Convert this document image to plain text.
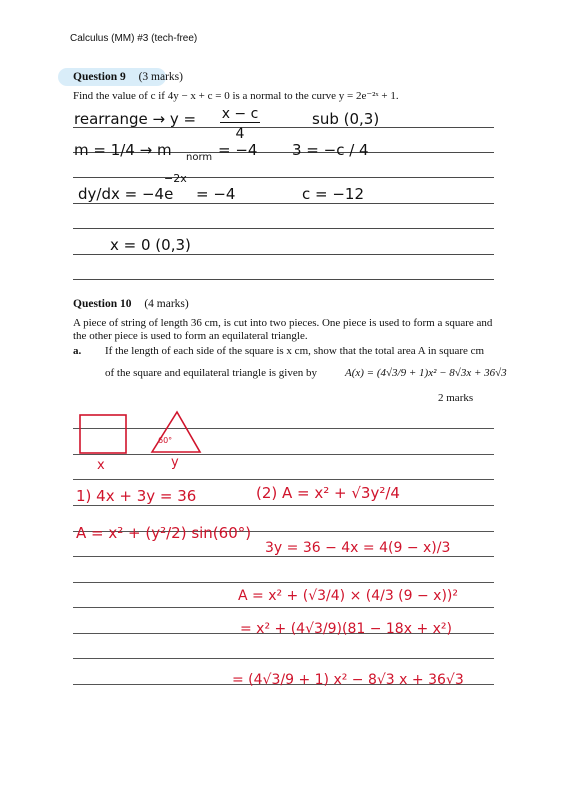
Calculus (MM) #3 (tech-free)
Question 9 (3 marks)
Find the value of c if 4y − x + c = 0 is a normal to the curve y = 2e⁻²ˣ + 1.
rearrange → y = x − c
4
sub (0,3)
m = 1/4 → m norm = −4 3 = −c / 4
dy/dx = −4e
−2x
= −4	c = −12
x = 0 (0,3)
Question 10 (4 marks)
A piece of string of length 36 cm, is cut into two pieces. One piece is used to form a square and the other piece is used to form an equilateral triangle.
a. If the length of each side of the square is x cm, show that the total area A in square cm
of the square and equilateral triangle is given by	A(x) = (4√3/9 + 1)x² − 8√3x + 36√3
2 marks
x	y
60°
1) 4x + 3y = 36	(2) A = x² + √3y²/4
A = x² + (y²/2) sin(60°)
3y = 36 − 4x = 4(9 − x)/3
A = x² + (√3/4) × (4/3 (9 − x))²
= x² + (4√3/9)(81 − 18x + x²)
= (4√3/9 + 1) x² − 8√3 x + 36√3
